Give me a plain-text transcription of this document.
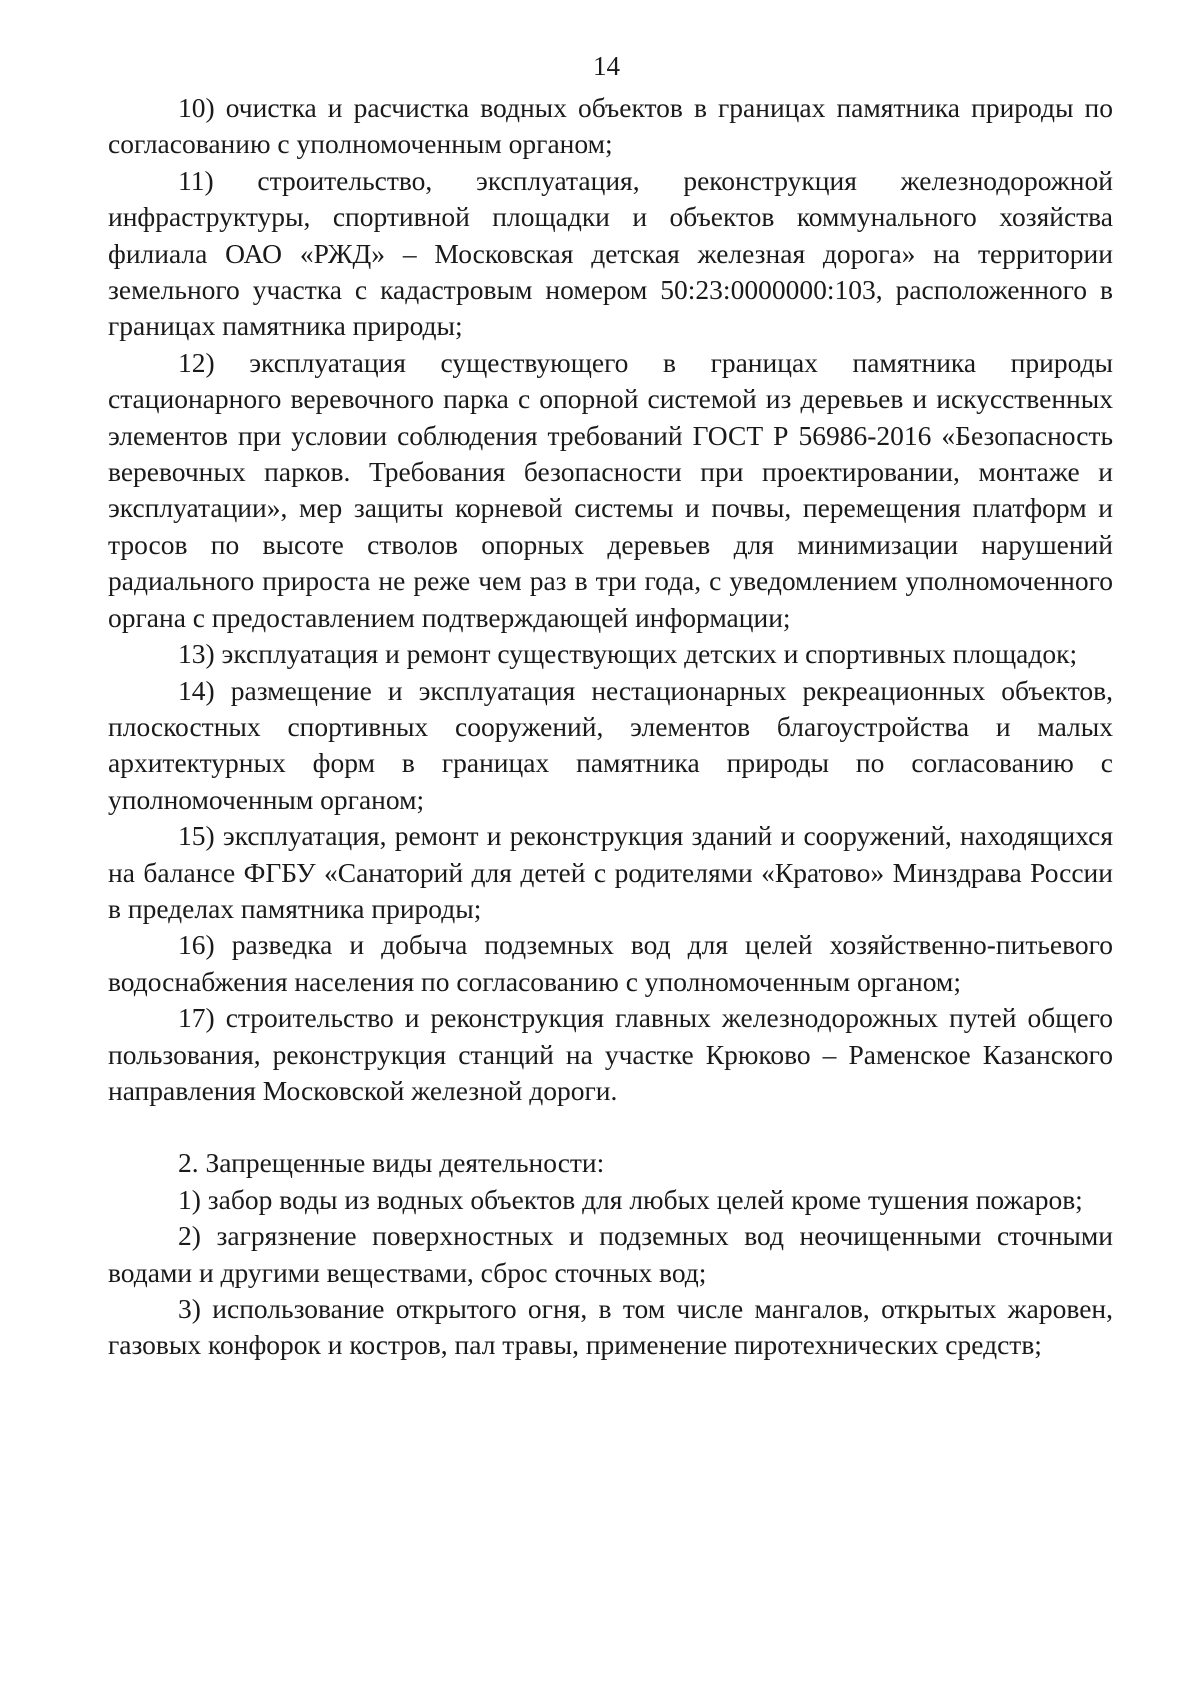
14

10) очистка и расчистка водных объектов в границах памятника природы по согласованию с уполномоченным органом;

11) строительство, эксплуатация, реконструкция железнодорожной инфраструктуры, спортивной площадки и объектов коммунального хозяйства филиала ОАО «РЖД» – Московская детская железная дорога» на территории земельного участка с кадастровым номером 50:23:0000000:103, расположенного в границах памятника природы;

12) эксплуатация существующего в границах памятника природы стационарного веревочного парка с опорной системой из деревьев и искусственных элементов при условии соблюдения требований ГОСТ Р 56986-2016 «Безопасность веревочных парков. Требования безопасности при проектировании, монтаже и эксплуатации», мер защиты корневой системы и почвы, перемещения платформ и тросов по высоте стволов опорных деревьев для минимизации нарушений радиального прироста не реже чем раз в три года, с уведомлением уполномоченного органа с предоставлением подтверждающей информации;

13) эксплуатация и ремонт существующих детских и спортивных площадок;

14) размещение и эксплуатация нестационарных рекреационных объектов, плоскостных спортивных сооружений, элементов благоустройства и малых архитектурных форм в границах памятника природы по согласованию с уполномоченным органом;

15) эксплуатация, ремонт и реконструкция зданий и сооружений, находящихся на балансе ФГБУ «Санаторий для детей с родителями «Кратово» Минздрава России в пределах памятника природы;

16) разведка и добыча подземных вод для целей хозяйственно-питьевого водоснабжения населения по согласованию с уполномоченным органом;

17) строительство и реконструкция главных железнодорожных путей общего пользования, реконструкция станций на участке Крюково – Раменское Казанского направления Московской железной дороги.

2. Запрещенные виды деятельности:

1) забор воды из водных объектов для любых целей кроме тушения пожаров;

2) загрязнение поверхностных и подземных вод неочищенными сточными водами и другими веществами, сброс сточных вод;

3) использование открытого огня, в том числе мангалов, открытых жаровен, газовых конфорок и костров, пал травы, применение пиротехнических средств;
